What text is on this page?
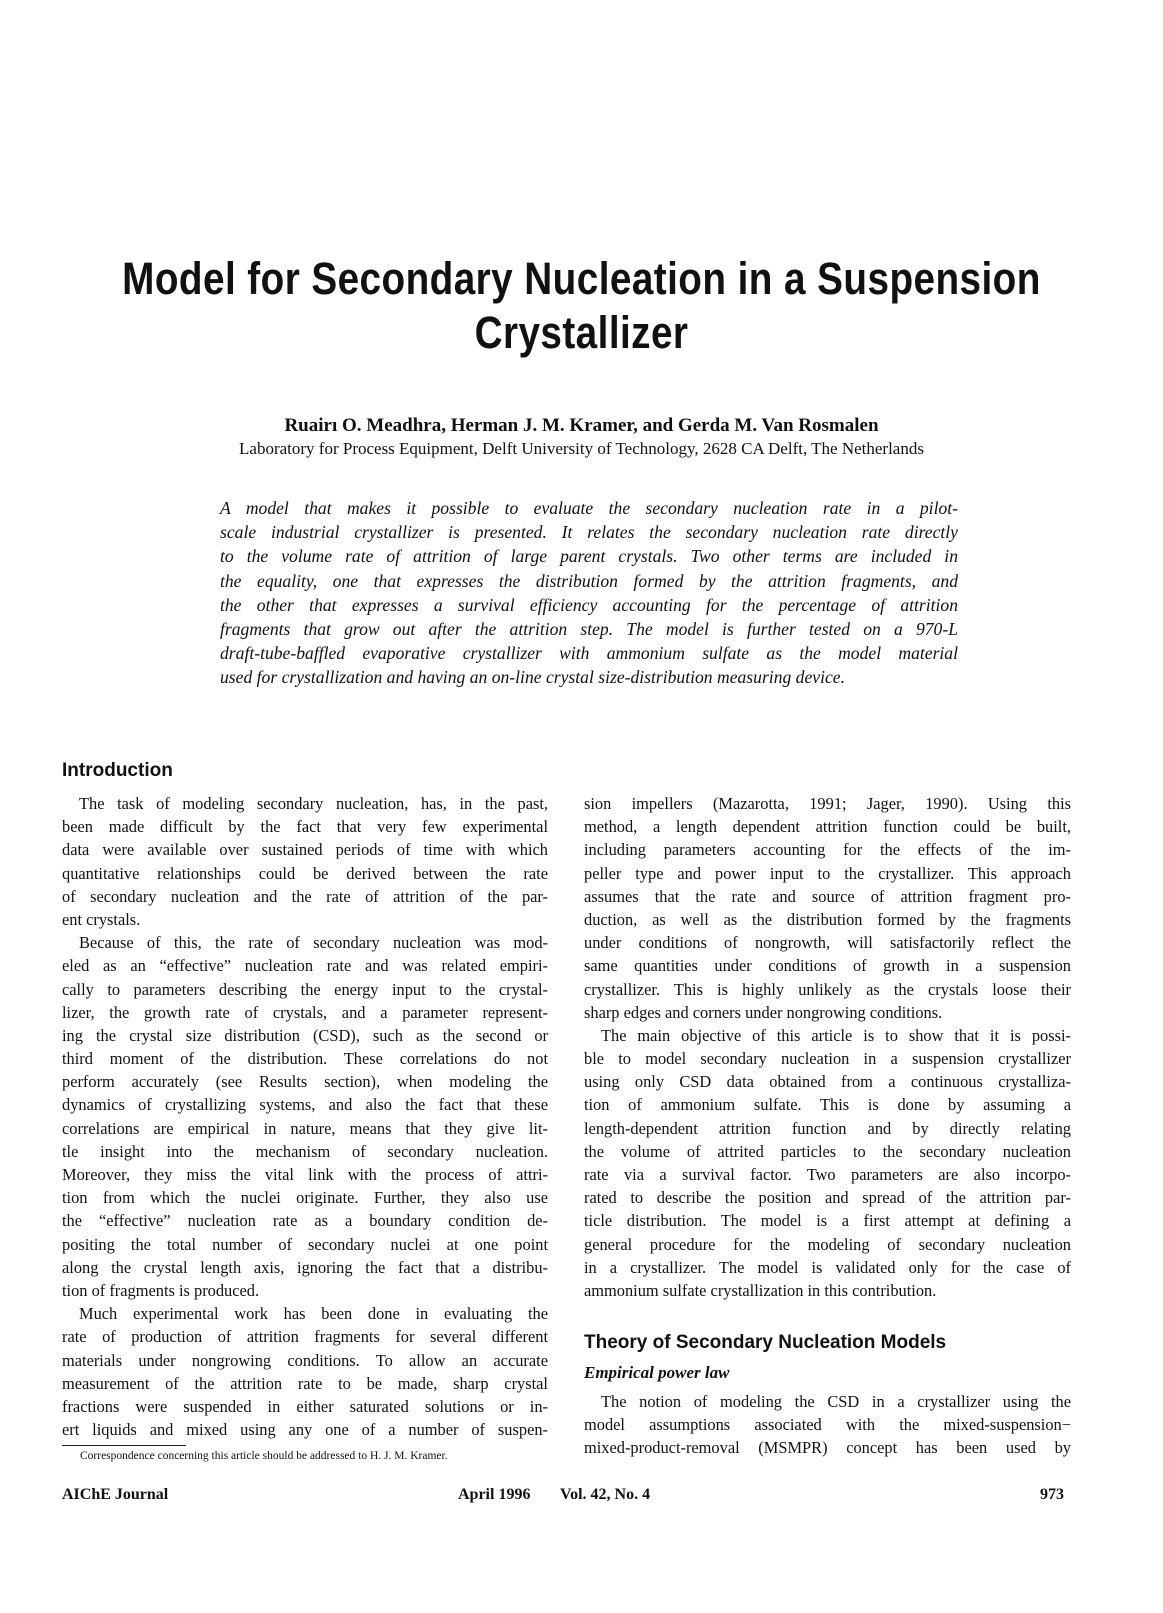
Model for Secondary Nucleation in a Suspension
Crystallizer
Ruairı O. Meadhra, Herman J. M. Kramer, and Gerda M. Van Rosmalen
Laboratory for Process Equipment, Delft University of Technology, 2628 CA Delft, The Netherlands
A model that makes it possible to evaluate the secondary nucleation rate in a pilot-
scale industrial crystallizer is presented. It relates the secondary nucleation rate directly
to the volume rate of attrition of large parent crystals. Two other terms are included in
the equality, one that expresses the distribution formed by the attrition fragments, and
the other that expresses a survival efficiency accounting for the percentage of attrition
fragments that grow out after the attrition step. The model is further tested on a 970-L
draft-tube-baffled evaporative crystallizer with ammonium sulfate as the model material
used for crystallization and having an on-line crystal size-distribution measuring device.
Introduction
The task of modeling secondary nucleation, has, in the past,
been made difficult by the fact that very few experimental
data were available over sustained periods of time with which
quantitative relationships could be derived between the rate
of secondary nucleation and the rate of attrition of the par-
ent crystals.
Because of this, the rate of secondary nucleation was mod-
eled as an “effective” nucleation rate and was related empiri-
cally to parameters describing the energy input to the crystal-
lizer, the growth rate of crystals, and a parameter represent-
ing the crystal size distribution (CSD), such as the second or
third moment of the distribution. These correlations do not
perform accurately (see Results section), when modeling the
dynamics of crystallizing systems, and also the fact that these
correlations are empirical in nature, means that they give lit-
tle insight into the mechanism of secondary nucleation.
Moreover, they miss the vital link with the process of attri-
tion from which the nuclei originate. Further, they also use
the “effective” nucleation rate as a boundary condition de-
positing the total number of secondary nuclei at one point
along the crystal length axis, ignoring the fact that a distribu-
tion of fragments is produced.
Much experimental work has been done in evaluating the
rate of production of attrition fragments for several different
materials under nongrowing conditions. To allow an accurate
measurement of the attrition rate to be made, sharp crystal
fractions were suspended in either saturated solutions or in-
ert liquids and mixed using any one of a number of suspen-
sion impellers (Mazarotta, 1991; Jager, 1990). Using this
method, a length dependent attrition function could be built,
including parameters accounting for the effects of the im-
peller type and power input to the crystallizer. This approach
assumes that the rate and source of attrition fragment pro-
duction, as well as the distribution formed by the fragments
under conditions of nongrowth, will satisfactorily reflect the
same quantities under conditions of growth in a suspension
crystallizer. This is highly unlikely as the crystals loose their
sharp edges and corners under nongrowing conditions.
The main objective of this article is to show that it is possi-
ble to model secondary nucleation in a suspension crystallizer
using only CSD data obtained from a continuous crystalliza-
tion of ammonium sulfate. This is done by assuming a
length-dependent attrition function and by directly relating
the volume of attrited particles to the secondary nucleation
rate via a survival factor. Two parameters are also incorpo-
rated to describe the position and spread of the attrition par-
ticle distribution. The model is a first attempt at defining a
general procedure for the modeling of secondary nucleation
in a crystallizer. The model is validated only for the case of
ammonium sulfate crystallization in this contribution.
Theory of Secondary Nucleation Models
Empirical power law
The notion of modeling the CSD in a crystallizer using the
model assumptions associated with the mixed-suspension−
mixed-product-removal (MSMPR) concept has been used by
Correspondence concerning this article should be addressed to H. J. M. Kramer.
AIChE Journal	April 1996 Vol. 42, No. 4	973
